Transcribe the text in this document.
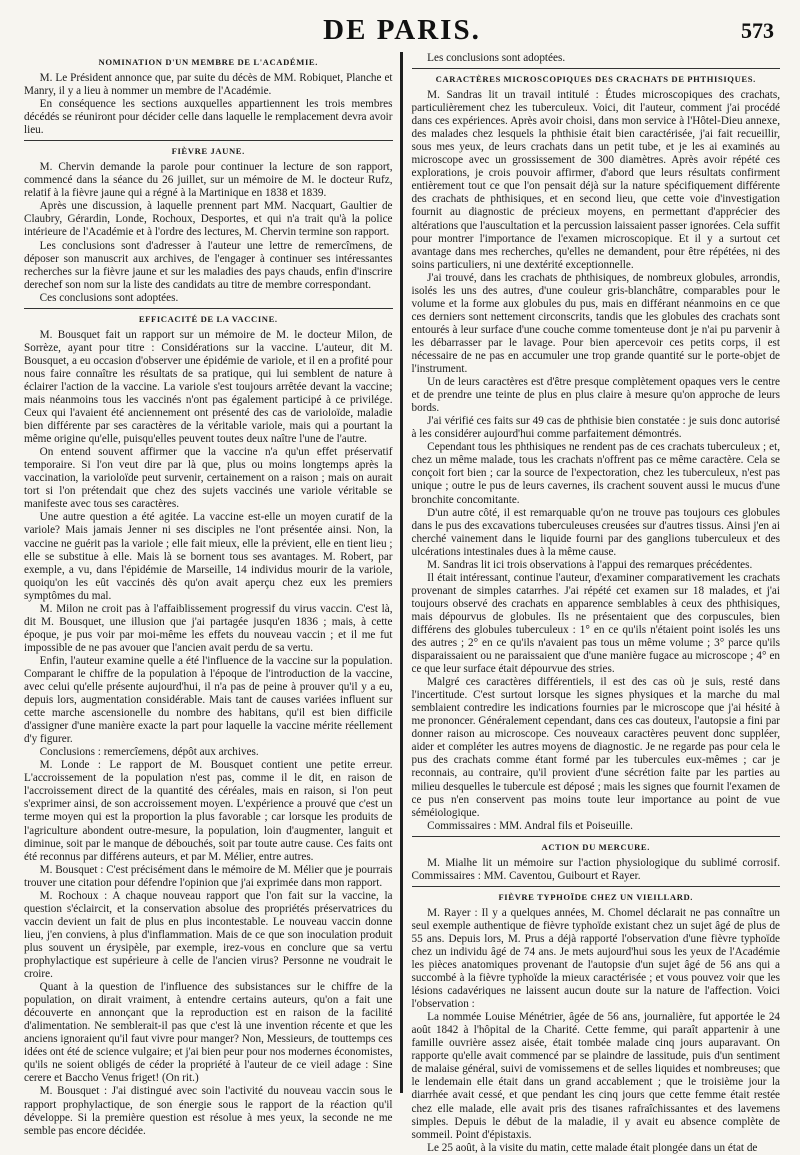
DE PARIS.	573
NOMINATION D'UN MEMBRE DE L'ACADÉMIE.

M. Le Président annonce que, par suite du décès de MM. Robiquet, Planche et Manry, il y a lieu à nommer un membre de l'Académie.

En conséquence les sections auxquelles appartiennent les trois membres décédés se réuniront pour décider celle dans laquelle le remplacement devra avoir lieu.

FIÈVRE JAUNE.

M. Chervin demande la parole pour continuer la lecture de son rapport, commencé dans la séance du 26 juillet, sur un mémoire de M. le docteur Rufz, relatif à la fièvre jaune qui a régné à la Martinique en 1838 et 1839.

Après une discussion, à laquelle prennent part MM. Nacquart, Gaultier de Claubry, Gérardin, Londe, Rochoux, Desportes, et qui n'a trait qu'à la police intérieure de l'Académie et à l'ordre des lectures, M. Chervin termine son rapport.

Les conclusions sont d'adresser à l'auteur une lettre de remercîmens, de déposer son manuscrit aux archives, de l'engager à continuer ses intéressantes recherches sur la fièvre jaune et sur les maladies des pays chauds, enfin d'inscrire derechef son nom sur la liste des candidats au titre de membre correspondant.

Ces conclusions sont adoptées.

EFFICACITÉ DE LA VACCINE.

M. Bousquet fait un rapport sur un mémoire de M. le docteur Milon, de Sorrèze, ayant pour titre : Considérations sur la vaccine. L'auteur, dit M. Bousquet, a eu occasion d'observer une épidémie de variole, et il en a profité pour nous faire connaître les résultats de sa pratique, qui lui semblent de nature à éclairer l'action de la vaccine. La variole s'est toujours arrêtée devant la vaccine; mais néanmoins tous les vaccinés n'ont pas également participé à ce privilége. Ceux qui l'avaient été anciennement ont présenté des cas de varioloïde, maladie bien différente par ses caractères de la véritable variole, mais qui a pourtant la même origine qu'elle, puisqu'elles peuvent toutes deux naître l'une de l'autre.

On entend souvent affirmer que la vaccine n'a qu'un effet préservatif temporaire. Si l'on veut dire par là que, plus ou moins longtemps après la vaccination, la varioloïde peut survenir, certainement on a raison ; mais on aurait tort si l'on prétendait que chez des sujets vaccinés une variole véritable se manifeste avec tous ses caractères.

Une autre question a été agitée. La vaccine est-elle un moyen curatif de la variole? Mais jamais Jenner ni ses disciples ne l'ont présentée ainsi. Non, la vaccine ne guérit pas la variole ; elle fait mieux, elle la prévient, elle en tient lieu ; elle se substitue à elle. Mais là se bornent tous ses avantages. M. Robert, par exemple, a vu, dans l'épidémie de Marseille, 14 individus mourir de la variole, quoiqu'on les eût vaccinés dès qu'on avait aperçu chez eux les premiers symptômes du mal.

M. Milon ne croit pas à l'affaiblissement progressif du virus vaccin. C'est là, dit M. Bousquet, une illusion que j'ai partagée jusqu'en 1836 ; mais, à cette époque, je pus voir par moi-même les effets du nouveau vaccin ; et il me fut impossible de ne pas avouer que l'ancien avait perdu de sa vertu.

Enfin, l'auteur examine quelle a été l'influence de la vaccine sur la population. Comparant le chiffre de la population à l'époque de l'introduction de la vaccine, avec celui qu'elle présente aujourd'hui, il n'a pas de peine à prouver qu'il y a eu, depuis lors, augmentation considérable. Mais tant de causes variées influent sur cette marche ascensionelle du nombre des habitans, qu'il est bien difficile d'assigner d'une manière exacte la part pour laquelle la vaccine mérite réellement d'y figurer.

Conclusions : remercîemens, dépôt aux archives.

M. Londe : Le rapport de M. Bousquet contient une petite erreur. L'accroissement de la population n'est pas, comme il le dit, en raison de l'accroissement direct de la quantité des céréales, mais en raison, si l'on peut s'exprimer ainsi, de son accroissement moyen. L'expérience a prouvé que c'est un terme moyen qui est la proportion la plus favorable ; car lorsque les produits de l'agriculture abondent outre-mesure, la population, loin d'augmenter, languit et diminue, soit par le manque de débouchés, soit par toute autre cause. Ces faits ont été reconnus par différens auteurs, et par M. Mélier, entre autres.

M. Bousquet : C'est précisément dans le mémoire de M. Mélier que je pourrais trouver une citation pour défendre l'opinion que j'ai exprimée dans mon rapport.

M. Rochoux : A chaque nouveau rapport que l'on fait sur la vaccine, la question s'éclaircit, et la conservation absolue des propriétés préservatrices du vaccin devient un fait de plus en plus incontestable. Le nouveau vaccin donne lieu, j'en conviens, à plus d'inflammation. Mais de ce que son inoculation produit plus souvent un érysipèle, par exemple, irez-vous en conclure que sa vertu prophylactique est supérieure à celle de l'ancien virus? Personne ne voudrait le croire.

Quant à la question de l'influence des subsistances sur le chiffre de la population, on dirait vraiment, à entendre certains auteurs, qu'on a fait une découverte en annonçant que la reproduction est en raison de la facilité d'alimentation. Ne semblerait-il pas que c'est là une invention récente et que les anciens ignoraient qu'il faut vivre pour manger? Non, Messieurs, de touttemps ces idées ont été de science vulgaire; et j'ai bien peur pour nos modernes économistes, qu'ils ne soient obligés de céder la propriété à l'auteur de ce vieil adage : Sine cerere et Baccho Venus friget! (On rit.)

M. Bousquet : J'ai distingué avec soin l'activité du nouveau vaccin sous le rapport prophylactique, de son énergie sous le rapport de la réaction qu'il développe. Si la première question est résolue à mes yeux, la seconde ne me semble pas encore décidée.

Les conclusions sont adoptées.

CARACTÈRES MICROSCOPIQUES DES CRACHATS DE PHTHISIQUES.

M. Sandras lit un travail intitulé : Études microscopiques des crachats, particulièrement chez les tuberculeux. Voici, dit l'auteur, comment j'ai procédé dans ces expériences. Après avoir choisi, dans mon service à l'Hôtel-Dieu annexe, des malades chez lesquels la phthisie était bien caractérisée, j'ai fait recueillir, sous mes yeux, de leurs crachats dans un petit tube, et je les ai examinés au microscope avec un grossissement de 300 diamètres. Après avoir répété ces explorations, je crois pouvoir affirmer, d'abord que leurs résultats confirment entièrement tout ce que l'on pensait déjà sur la nature spécifiquement différente des crachats de phthisiques, et en second lieu, que cette voie d'investigation fournit au diagnostic de précieux moyens, en permettant d'apprécier des altérations que l'auscultation et la percussion laissaient passer ignorées. Cela suffit pour montrer l'importance de l'examen microscopique. Et il y a surtout cet avantage dans mes recherches, qu'elles ne demandent, pour être répétées, ni des soins particuliers, ni une dextérité exceptionnelle.

J'ai trouvé, dans les crachats de phthisiques, de nombreux globules, arrondis, isolés les uns des autres, d'une couleur gris-blanchâtre, comparables pour le volume et la forme aux globules du pus, mais en différant néanmoins en ce que ces derniers sont nettement circonscrits, tandis que les globules des crachats sont entourés à leur surface d'une couche comme tomenteuse dont je n'ai pu parvenir à les débarrasser par le lavage. Pour bien apercevoir ces petits corps, il est nécessaire de ne pas en accumuler une trop grande quantité sur le porte-objet de l'instrument.

Un de leurs caractères est d'être presque complètement opaques vers le centre et de prendre une teinte de plus en plus claire à mesure qu'on approche de leurs bords.

J'ai vérifié ces faits sur 49 cas de phthisie bien constatée : je suis donc autorisé à les considérer aujourd'hui comme parfaitement démontrés.

Cependant tous les phthisiques ne rendent pas de ces crachats tuberculeux ; et, chez un même malade, tous les crachats n'offrent pas ce même caractère. Cela se conçoit fort bien ; car la source de l'expectoration, chez les tuberculeux, n'est pas unique ; outre le pus de leurs cavernes, ils crachent souvent aussi le mucus d'une bronchite concomitante.

D'un autre côté, il est remarquable qu'on ne trouve pas toujours ces globules dans le pus des excavations tuberculeuses creusées sur d'autres tissus. Ainsi j'en ai cherché vainement dans le liquide fourni par des ganglions tuberculeux et des ulcérations intestinales dues à la même cause.

M. Sandras lit ici trois observations à l'appui des remarques précédentes.

Il était intéressant, continue l'auteur, d'examiner comparativement les crachats provenant de simples catarrhes. J'ai répété cet examen sur 18 malades, et j'ai toujours observé des crachats en apparence semblables à ceux des phthisiques, mais dépourvus de globules. Ils ne présentaient que des corpuscules, bien différens des globules tuberculeux : 1° en ce qu'ils n'étaient point isolés les uns des autres ; 2° en ce qu'ils n'avaient pas tous un même volume ; 3° parce qu'ils disparaissaient ou ne paraissaient que d'une manière fugace au microscope ; 4° en ce que leur surface était dépourvue des stries.

Malgré ces caractères différentiels, il est des cas où je suis, resté dans l'incertitude. C'est surtout lorsque les signes physiques et la marche du mal semblaient contredire les indications fournies par le microscope que j'ai hésité à me prononcer. Généralement cependant, dans ces cas douteux, l'autopsie a fini par donner raison au microscope. Ces nouveaux caractères peuvent donc suppléer, aider et compléter les autres moyens de diagnostic. Je ne regarde pas pour cela le pus des crachats comme étant formé par les tubercules eux-mêmes ; car je reconnais, au contraire, qu'il provient d'une sécrétion faite par les parties au milieu desquelles le tubercule est déposé ; mais les signes que fournit l'examen de ce pus n'en conservent pas moins toute leur importance au point de vue séméiologique.

Commissaires : MM. Andral fils et Poiseuille.

ACTION DU MERCURE.

M. Mialhe lit un mémoire sur l'action physiologique du sublimé corrosif. Commissaires : MM. Caventou, Guibourt et Rayer.

FIÈVRE TYPHOÏDE CHEZ UN VIEILLARD.

M. Rayer : Il y a quelques années, M. Chomel déclarait ne pas connaître un seul exemple authentique de fièvre typhoïde existant chez un sujet âgé de plus de 55 ans. Depuis lors, M. Prus a déjà rapporté l'observation d'une fièvre typhoïde chez un individu âgé de 74 ans. Je mets aujourd'hui sous les yeux de l'Académie les pièces anatomiques provenant de l'autopsie d'un sujet âgé de 56 ans qui a succombé à la fièvre typhoïde la mieux caractérisée ; et vous pouvez voir que les lésions cadavériques ne laissent aucun doute sur la nature de l'affection. Voici l'observation :

La nommée Louise Ménétrier, âgée de 56 ans, journalière, fut apportée le 24 août 1842 à l'hôpital de la Charité. Cette femme, qui paraît appartenir à une famille ouvrière assez aisée, était tombée malade cinq jours auparavant. On rapporte qu'elle avait commencé par se plaindre de lassitude, puis d'un sentiment de malaise général, suivi de vomissemens et de selles liquides et nombreuses; que le lendemain elle était dans un grand accablement ; que le troisième jour la diarrhée avait cessé, et que pendant les cinq jours que cette femme était restée chez elle malade, elle avait pris des tisanes rafraîchissantes et des lavemens simples. Depuis le début de la maladie, il y avait eu absence complète de sommeil. Point d'épistaxis.

Le 25 août, à la visite du matin, cette malade était plongée dans un état de
